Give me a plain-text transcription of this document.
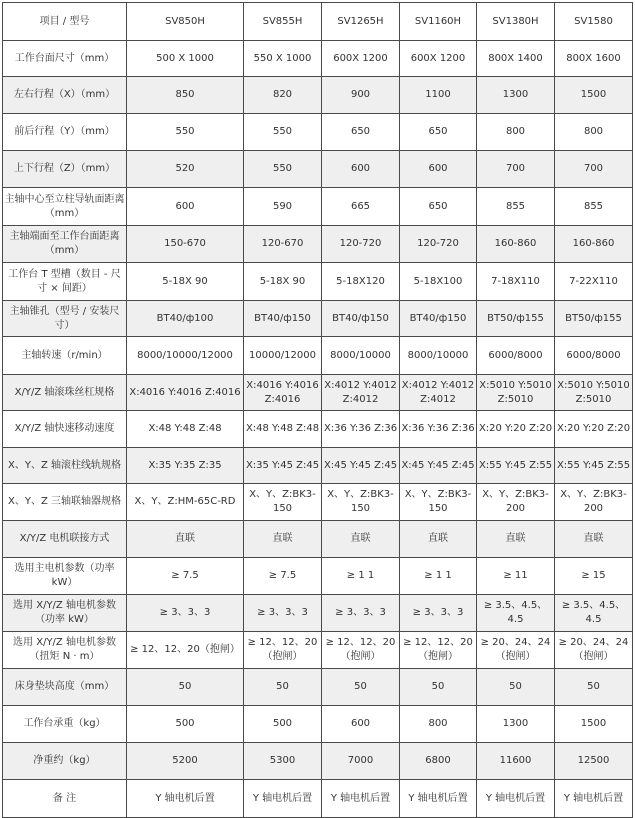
项目 / 型号	SV850H	SV855H	SV1265H	SV1160H	SV1380H	SV1580
工作台面尺寸（mm）	500 X 1000	550 X 1000	600X 1200	600X 1200	800X 1400	800X 1600
左右行程（X）（mm）	850	820	900	1100	1300	1500
前后行程（Y）（mm）	550	550	650	650	800	800
上下行程（Z）（mm）	520	550	600	600	700	700
主轴中心至立柱导轨面距离（mm）	600	590	665	650	855	855
主轴端面至工作台面距离（mm）	150-670	120-670	120-720	120-720	160-860	160-860
工作台 T 型槽（数目 - 尺寸 × 间距）	5-18X 90	5-18X 90	5-18X120	5-18X100	7-18X110	7-22X110
主轴锥孔（型号 / 安装尺寸）	BT40/ф100	BT40/ф150	BT40/ф150	BT40/ф150	BT50/ф155	BT50/ф155
主轴转速（r/min）	8000/10000/12000	10000/12000	8000/10000	8000/10000	6000/8000	6000/8000
X/Y/Z 轴滚珠丝杠规格	X:4016 Y:4016 Z:4016	X:4016 Y:4016 Z:4016	X:4012 Y:4012 Z:4012	X:4012 Y:4012 Z:4012	X:5010 Y:5010 Z:5010	X:5010 Y:5010 Z:5010
X/Y/Z 轴快速移动速度	X:48 Y:48 Z:48	X:48 Y:48 Z:48	X:36 Y:36 Z:36	X:36 Y:36 Z:36	X:20 Y:20 Z:20	X:20 Y:20 Z:20
X、Y、Z 轴滚柱线轨规格	X:35 Y:35 Z:35	X:35 Y:45 Z:45	X:45 Y:45 Z:45	X:45 Y:45 Z:45	X:55 Y:45 Z:55	X:55 Y:45 Z:55
X、Y、Z 三轴联轴器规格	X、Y、Z:HM-65C-RD	X、Y、Z:BK3-150	X、Y、Z:BK3-150	X、Y、Z:BK3-150	X、Y、Z:BK3-200	X、Y、Z:BK3-200
X/Y/Z 电机联接方式	直联	直联	直联	直联	直联	直联
选用主电机参数（功率 kW）	≥ 7.5	≥ 7.5	≥ 1 1	≥ 1 1	≥ 11	≥ 15
选用 X/Y/Z 轴电机参数（功率 kW）	≥ 3、3、3	≥ 3、3、3	≥ 3、3、3	≥ 3、3、3	≥ 3.5、4.5、4.5	≥ 3.5、4.5、4.5
选用 X/Y/Z 轴电机参数（扭矩 N · m）	≥ 12、12、20（抱闸）	≥ 12、12、20（抱闸）	≥ 12、12、20（抱闸）	≥ 12、12、20（抱闸）	≥ 20、24、24（抱闸）	≥ 20、24、24（抱闸）
床身垫块高度（mm）	50	50	50	50	50	50
工作台承重（kg）	500	500	600	800	1300	1500
净重约（kg）	5200	5300	7000	6800	11600	12500
备 注	Y 轴电机后置	Y 轴电机后置	Y 轴电机后置	Y 轴电机后置	Y 轴电机后置	Y 轴电机后置
